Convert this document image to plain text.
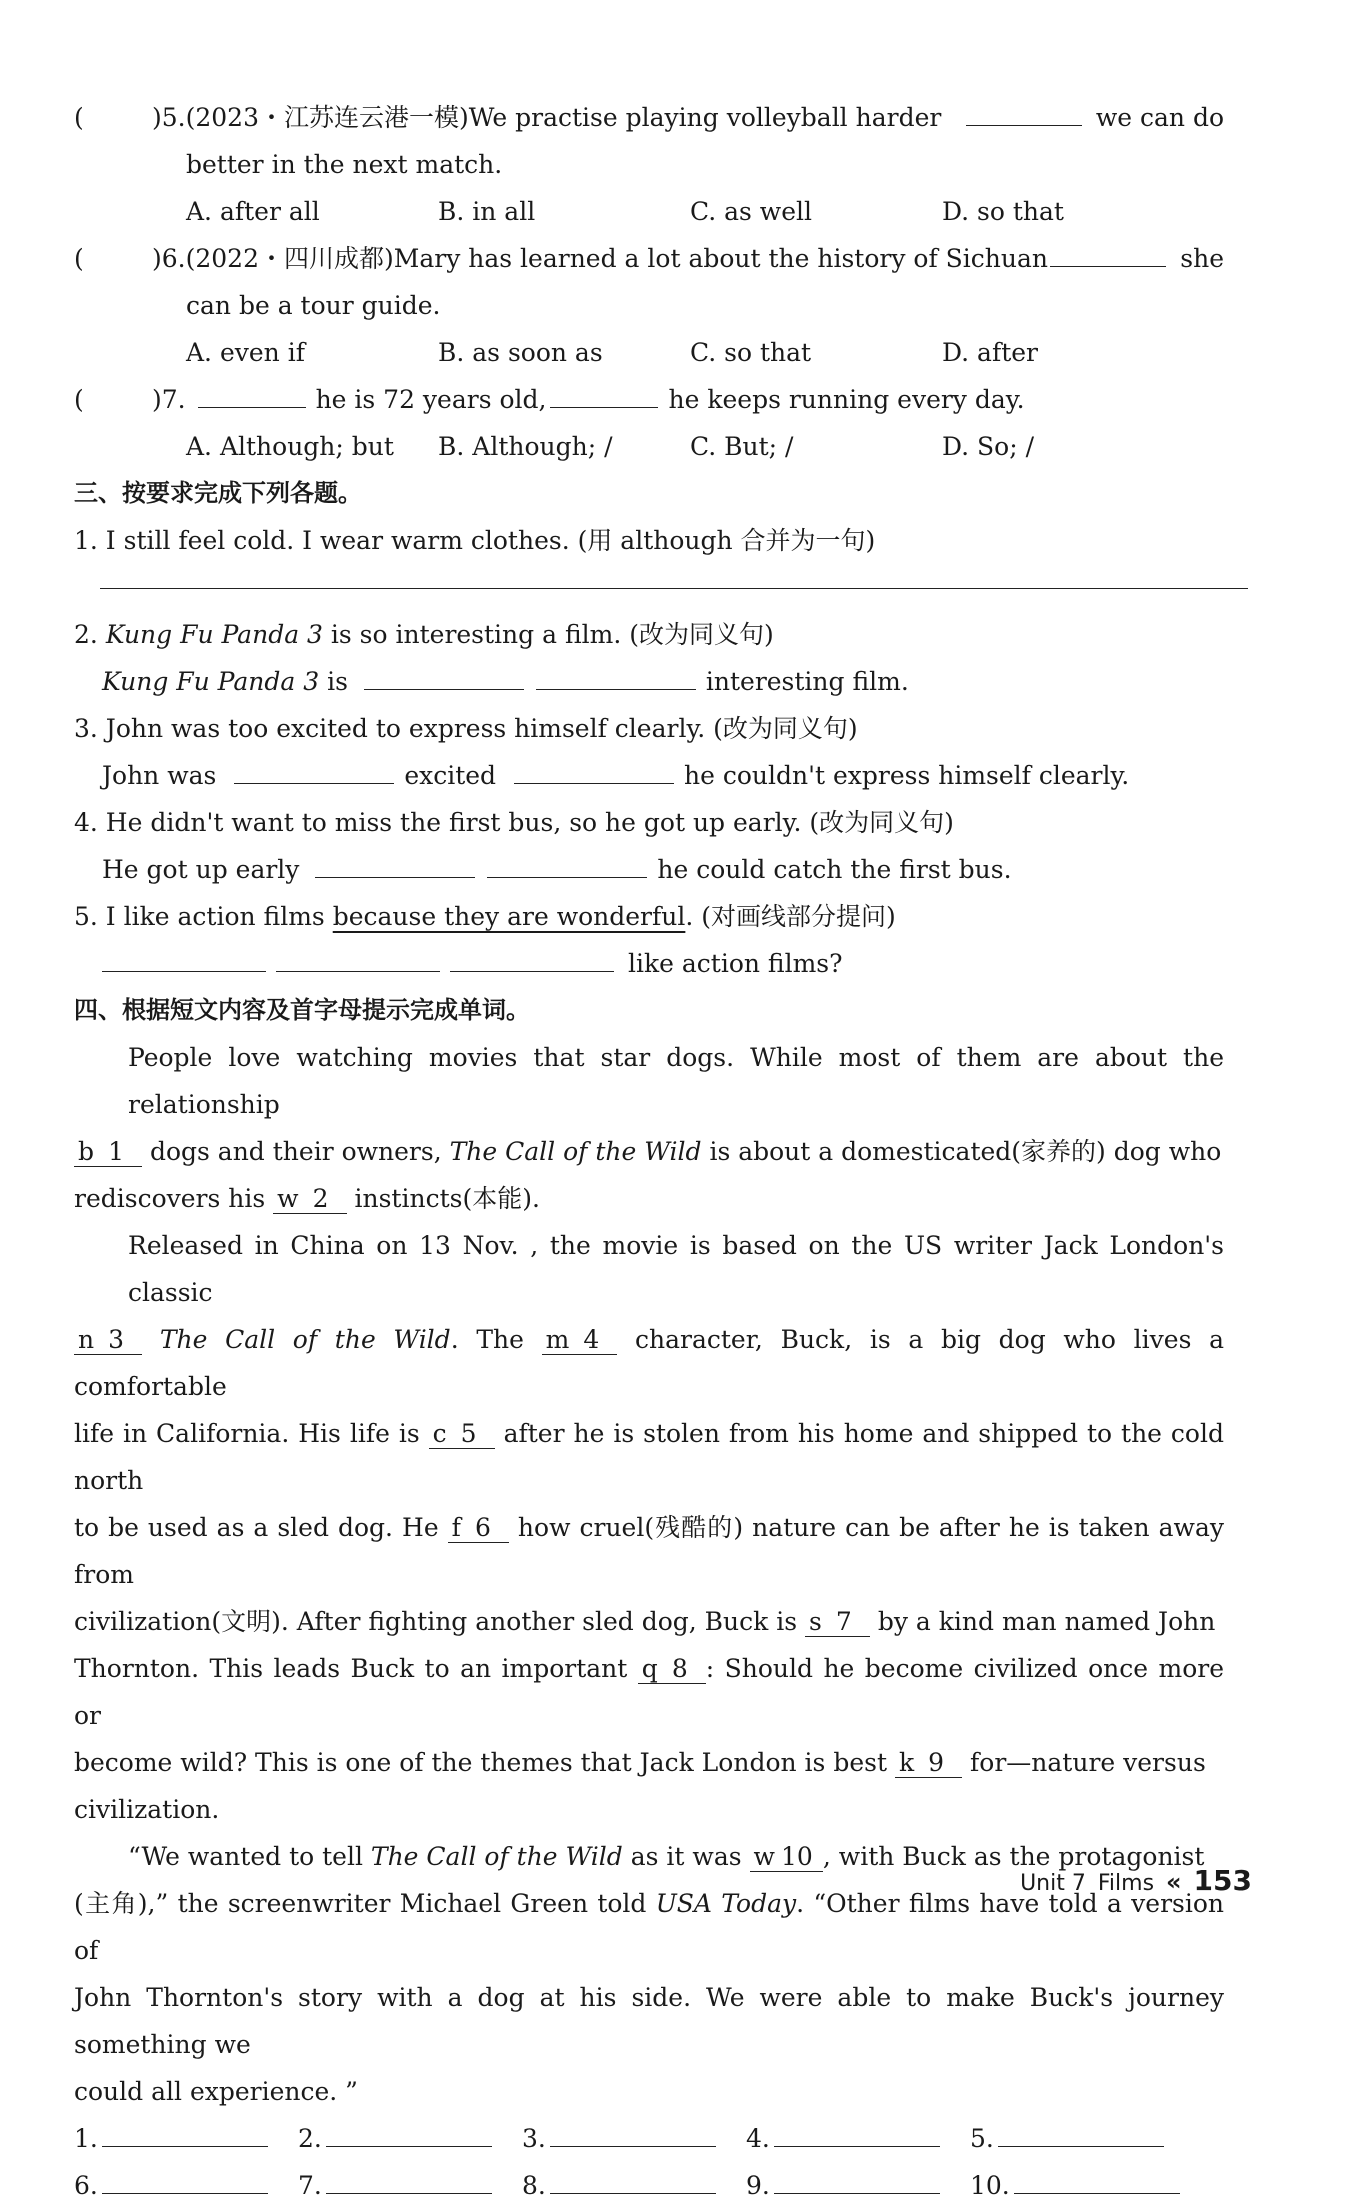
(	)5.(2023・江苏连云港一模)We practise playing volleyball harder	we can do
better in the next match.
A. after all	B. in all	C. as well	D. so that
(	)6.(2022・四川成都)Mary has learned a lot about the history of Sichuan	she
can be a tour guide.
A. even if	B. as soon as	C. so that	D. after
(	)7.	he is 72 years old,	he keeps running every day.
A. Although; but	B. Although; /	C. But; /	D. So; /
三、按要求完成下列各题。
1. I still feel cold. I wear warm clothes. (用 although 合并为一句)
2. Kung Fu Panda 3 is so interesting a film. (改为同义句)
Kung Fu Panda 3 is	interesting film.
3. John was too excited to express himself clearly. (改为同义句)
John was	excited	he couldn't express himself clearly.
4. He didn't want to miss the first bus, so he got up early. (改为同义句)
He got up early	he could catch the first bus.
5. I like action films because they are wonderful. (对画线部分提问)
like action films?
四、根据短文内容及首字母提示完成单词。
People love watching movies that star dogs. While most of them are about the relationship
b 1 dogs and their owners, The Call of the Wild is about a domesticated(家养的) dog who
rediscovers his w 2 instincts(本能).
Released in China on 13 Nov. , the movie is based on the US writer Jack London's classic
n 3 The Call of the Wild. The m 4 character, Buck, is a big dog who lives a comfortable
life in California. His life is c 5 after he is stolen from his home and shipped to the cold north
to be used as a sled dog. He f 6 how cruel(残酷的) nature can be after he is taken away from
civilization(文明). After fighting another sled dog, Buck is s 7 by a kind man named John
Thornton. This leads Buck to an important q 8 : Should he become civilized once more or
become wild? This is one of the themes that Jack London is best k 9 for—nature versus
civilization.
“We wanted to tell The Call of the Wild as it was w 10 , with Buck as the protagonist
(主角),” the screenwriter Michael Green told USA Today. “Other films have told a version of
John Thornton's story with a dog at his side. We were able to make Buck's journey something we
could all experience. ”
1.	2.	3.	4.	5.
6.	7.	8.	9.	10.
Unit 7 Films « 153
